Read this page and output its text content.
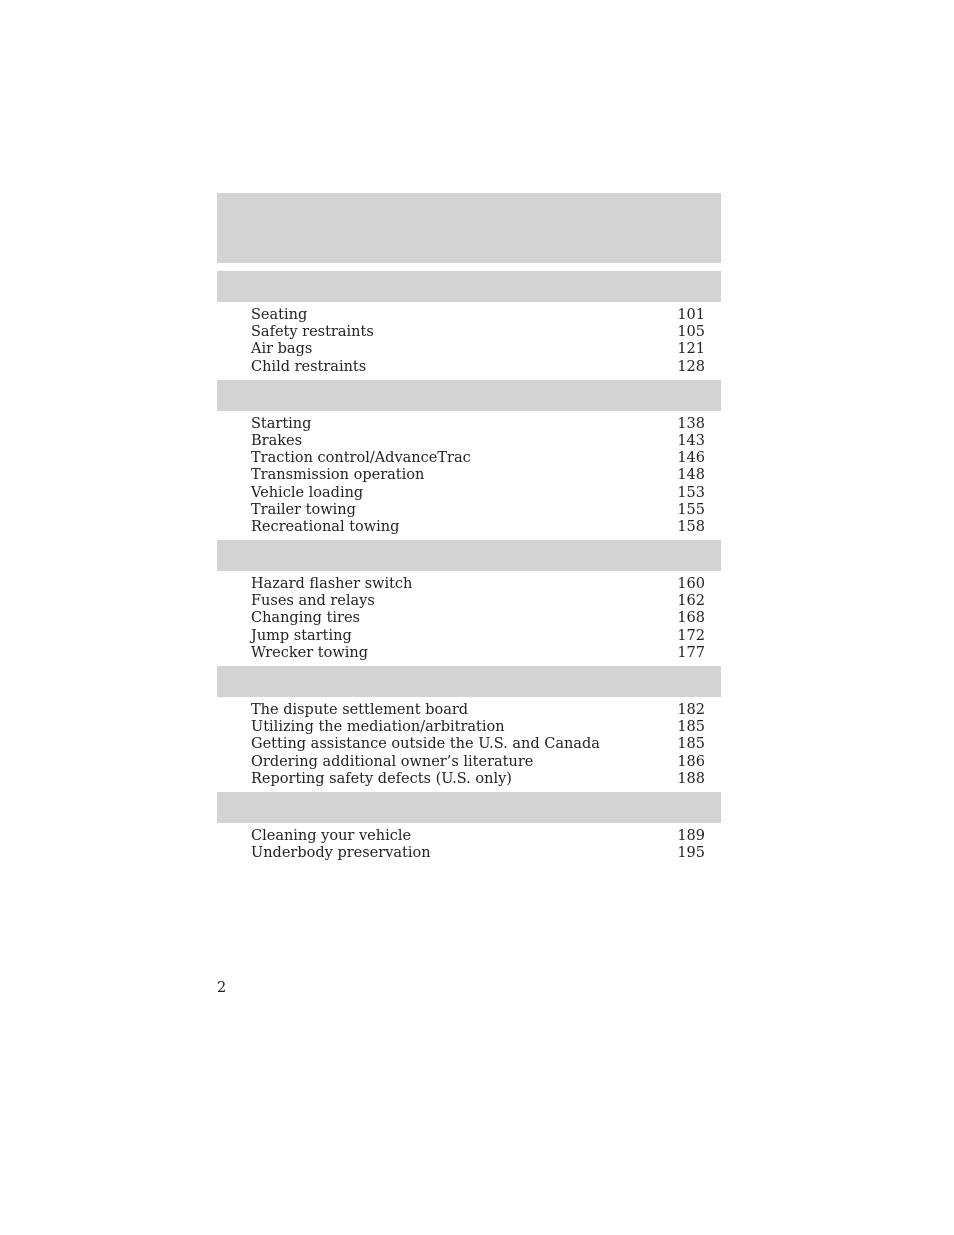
Seating	101
Safety restraints	105
Air bags	121
Child restraints	128
Starting	138
Brakes	143
Traction control/AdvanceTrac	146
Transmission operation	148
Vehicle loading	153
Trailer towing	155
Recreational towing	158
Hazard flasher switch	160
Fuses and relays	162
Changing tires	168
Jump starting	172
Wrecker towing	177
The dispute settlement board	182
Utilizing the mediation/arbitration	185
Getting assistance outside the U.S. and Canada	185
Ordering additional owner’s literature	186
Reporting safety defects (U.S. only)	188
Cleaning your vehicle	189
Underbody preservation	195
2
